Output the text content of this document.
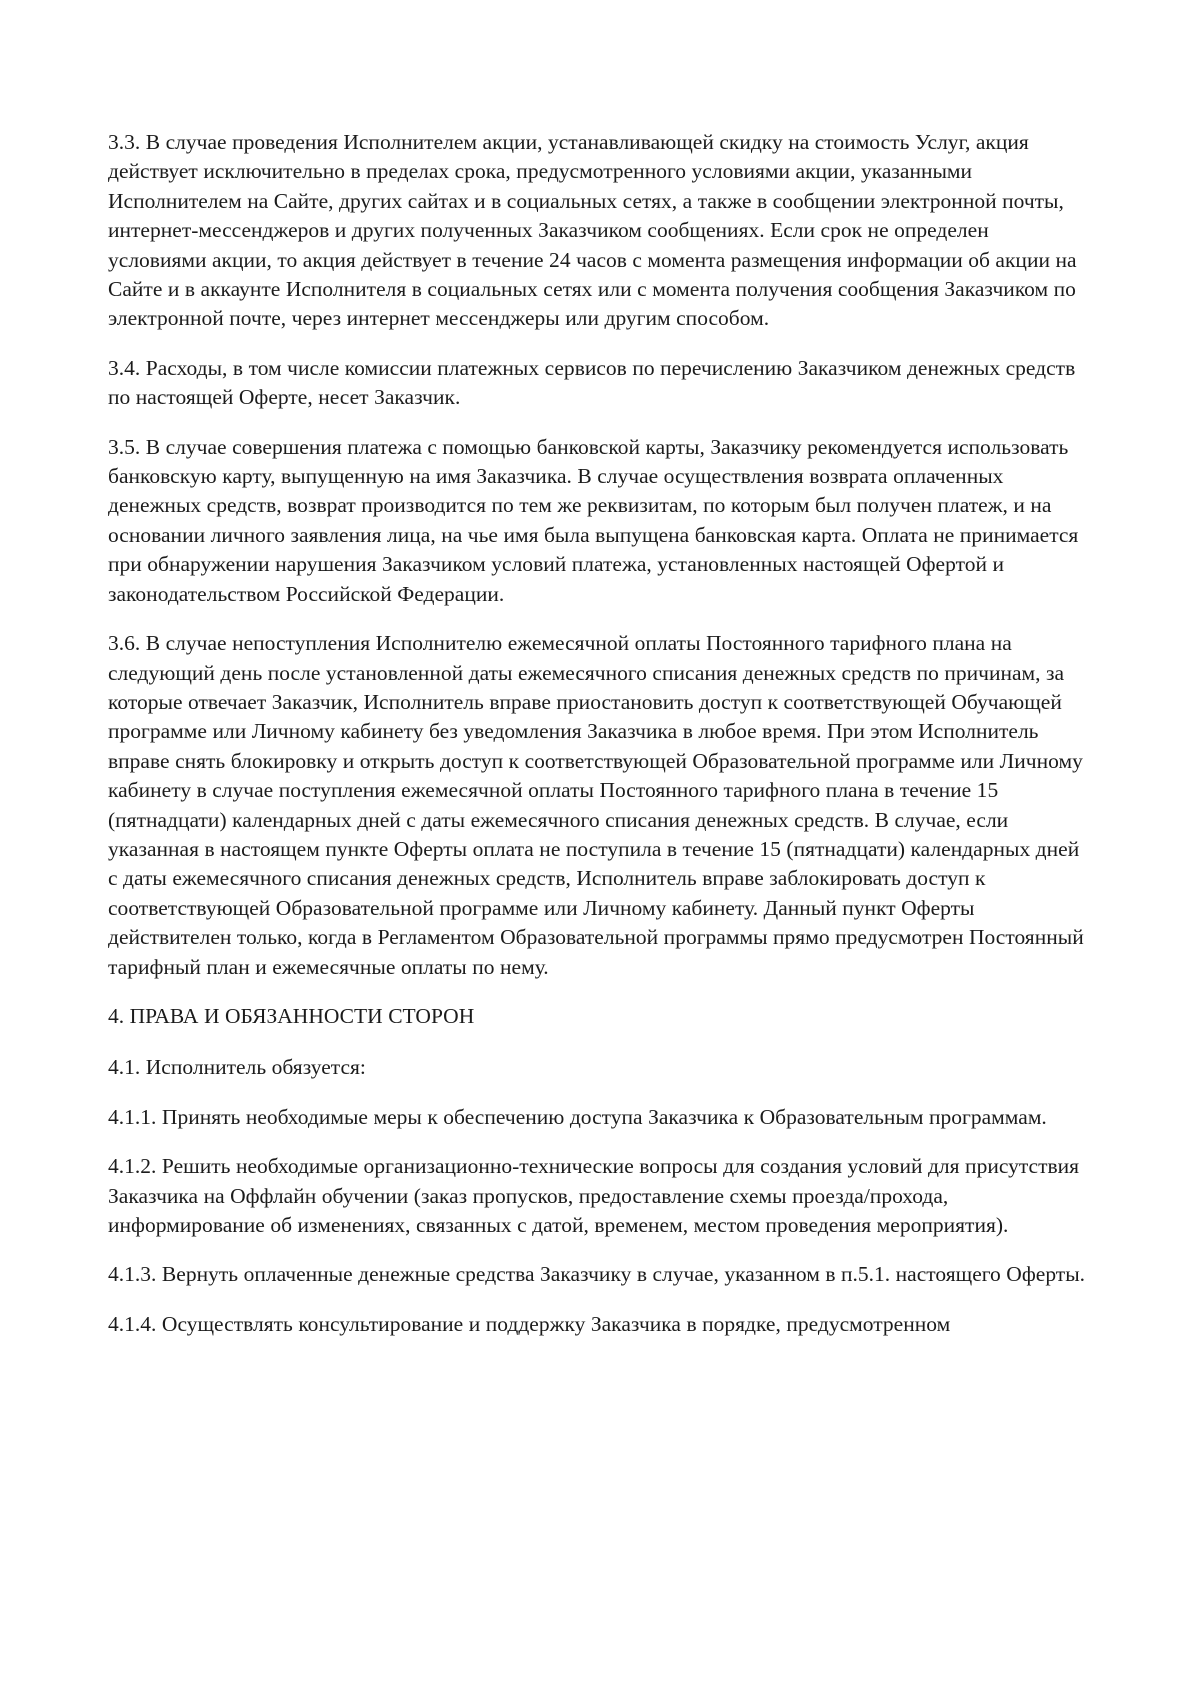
3.3. В случае проведения Исполнителем акции, устанавливающей скидку на стоимость Услуг, акция действует исключительно в пределах срока, предусмотренного условиями акции, указанными Исполнителем на Сайте, других сайтах и в социальных сетях, а также в сообщении электронной почты, интернет-мессенджеров и других полученных Заказчиком сообщениях. Если срок не определен условиями акции, то акция действует в течение 24 часов с момента размещения информации об акции на Сайте и в аккаунте Исполнителя в социальных сетях или с момента получения сообщения Заказчиком по электронной почте, через интернет мессенджеры или другим способом.

3.4. Расходы, в том числе комиссии платежных сервисов по перечислению Заказчиком денежных средств по настоящей Оферте, несет Заказчик.

3.5. В случае совершения платежа с помощью банковской карты, Заказчику рекомендуется использовать банковскую карту, выпущенную на имя Заказчика. В случае осуществления возврата оплаченных денежных средств, возврат производится по тем же реквизитам, по которым был получен платеж, и на основании личного заявления лица, на чье имя была выпущена банковская карта. Оплата не принимается при обнаружении нарушения Заказчиком условий платежа, установленных настоящей Офертой и законодательством Российской Федерации.

3.6. В случае непоступления Исполнителю ежемесячной оплаты Постоянного тарифного плана на следующий день после установленной даты ежемесячного списания денежных средств по причинам, за которые отвечает Заказчик, Исполнитель вправе приостановить доступ к соответствующей Обучающей программе или Личному кабинету без уведомления Заказчика в любое время. При этом Исполнитель вправе снять блокировку и открыть доступ к соответствующей Образовательной программе или Личному кабинету в случае поступления ежемесячной оплаты Постоянного тарифного плана в течение 15 (пятнадцати) календарных дней с даты ежемесячного списания денежных средств. В случае, если указанная в настоящем пункте Оферты оплата не поступила в течение 15 (пятнадцати) календарных дней с даты ежемесячного списания денежных средств, Исполнитель вправе заблокировать доступ к соответствующей Образовательной программе или Личному кабинету. Данный пункт Оферты действителен только, когда в Регламентом Образовательной программы прямо предусмотрен Постоянный тарифный план и ежемесячные оплаты по нему.

4. ПРАВА И ОБЯЗАННОСТИ СТОРОН

4.1. Исполнитель обязуется:

4.1.1. Принять необходимые меры к обеспечению доступа Заказчика к Образовательным программам.

4.1.2. Решить необходимые организационно-технические вопросы для создания условий для присутствия Заказчика на Оффлайн обучении (заказ пропусков, предоставление схемы проезда/прохода, информирование об изменениях, связанных с датой, временем, местом проведения мероприятия).

4.1.3. Вернуть оплаченные денежные средства Заказчику в случае, указанном в п.5.1. настоящего Оферты.

4.1.4. Осуществлять консультирование и поддержку Заказчика в порядке, предусмотренном
